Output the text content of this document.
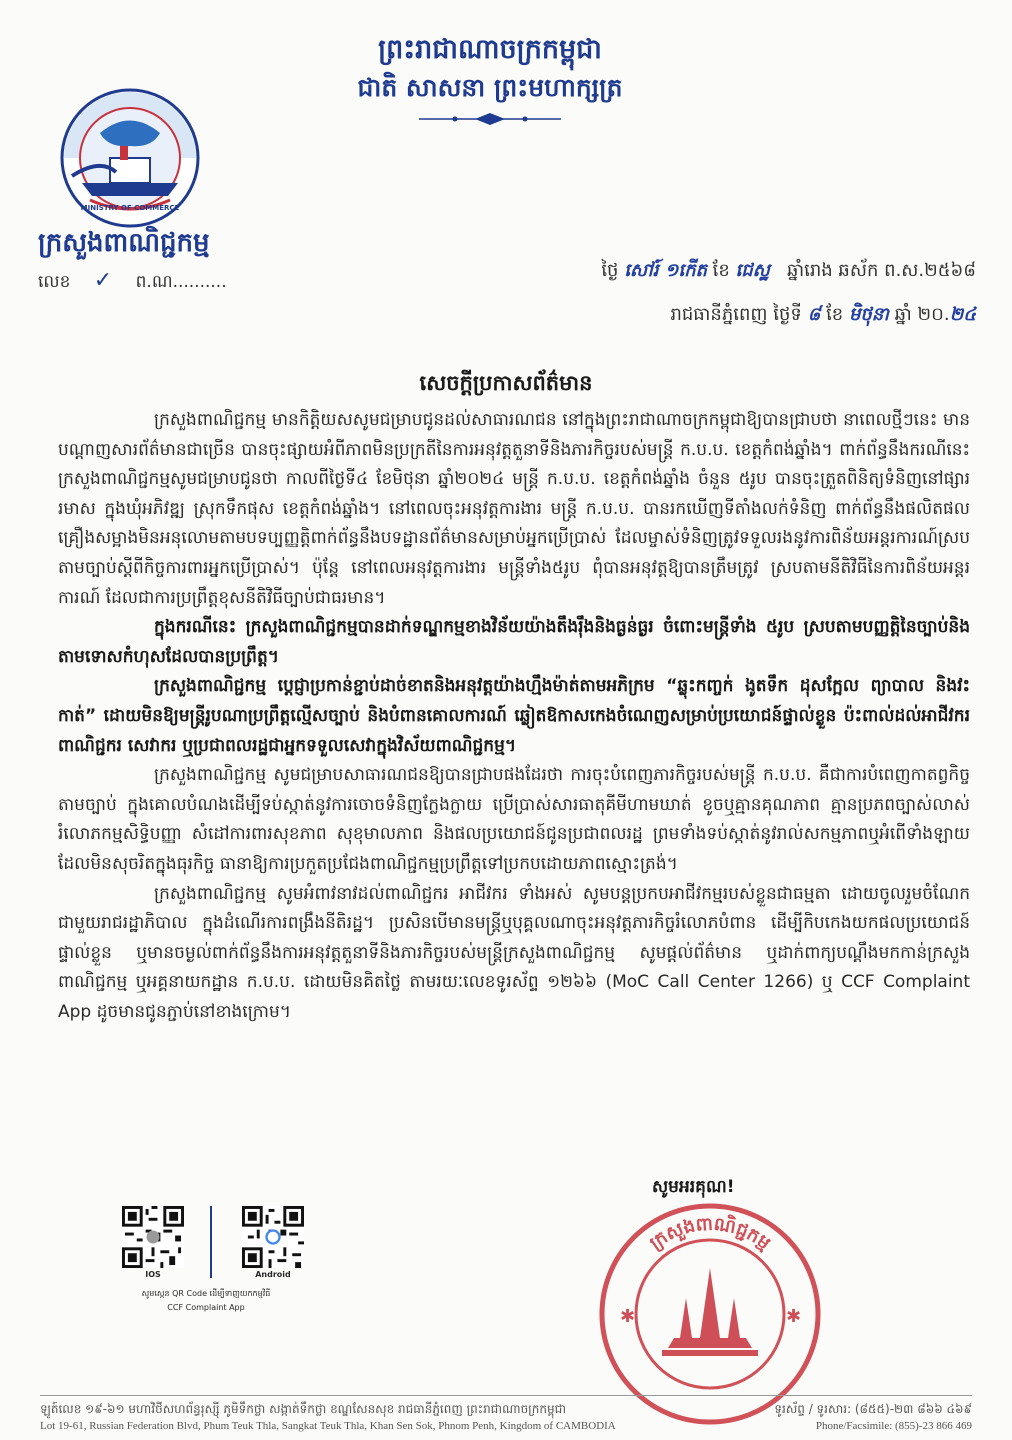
ព្រះរាជាណាចក្រកម្ពុជា
ជាតិ សាសនា ព្រះមហាក្សត្រ
MINISTRY OF COMMERCE
ក្រសួងពាណិជ្ជកម្ម
លេខ ✓ ព.ណ..........
ថ្ងៃ សៅរ៍ ១កើត ខែ ជេស្ឋ ឆ្នាំរោង ឆស័ក ព.ស.២៥៦៨
រាជធានីភ្នំពេញ ថ្ងៃទី ៨ ខែ មិថុនា ឆ្នាំ ២០.២៤
សេចក្តីប្រកាសព័ត៌មាន

ក្រសួងពាណិជ្ជកម្ម មានកិត្តិយសសូមជម្រាបជូនដល់សាធារណជន នៅក្នុងព្រះរាជាណាចក្រកម្ពុជាឱ្យបានជ្រាបថា នាពេលថ្មីៗនេះ មានបណ្តាញសារព័ត៌មានជាច្រើន បានចុះផ្សាយអំពីភាពមិនប្រក្រតីនៃការអនុវត្តតួនាទីនិងភារកិច្ចរបស់មន្ត្រី ក.ប.ប. ខេត្តកំពង់ឆ្នាំង។ ពាក់ព័ន្ធនឹងករណីនេះ ក្រសួងពាណិជ្ជកម្មសូមជម្រាបជូនថា កាលពីថ្ងៃទី៤ ខែមិថុនា ឆ្នាំ២០២៤ មន្ត្រី ក.ប.ប. ខេត្តកំពង់ឆ្នាំង ចំនួន ៥រូប បានចុះត្រួតពិនិត្យទំនិញនៅផ្សាររមាស ក្នុងឃុំអភិវឌ្ឍ ស្រុកទឹកផុស ខេត្តកំពង់ឆ្នាំង។ នៅពេលចុះអនុវត្តការងារ មន្ត្រី ក.ប.ប. បានរកឃើញទីតាំងលក់ទំនិញ ពាក់ព័ន្ធនឹងផលិតផលគ្រឿងសម្អាងមិនអនុលោមតាមបទប្បញ្ញត្តិពាក់ព័ន្ធនឹងបទដ្ឋានព័ត៌មានសម្រាប់អ្នកប្រើប្រាស់ ដែលម្ចាស់ទំនិញត្រូវទទួលរងនូវការពិន័យអន្តរការណ៍ស្របតាមច្បាប់ស្តីពីកិច្ចការពារអ្នកប្រើប្រាស់។ ប៉ុន្តែ នៅពេលអនុវត្តការងារ មន្ត្រីទាំង៥រូប ពុំបានអនុវត្តឱ្យបានត្រឹមត្រូវ ស្របតាមនីតិវិធីនៃការពិន័យអន្តរការណ៍ ដែលជាការប្រព្រឹត្តខុសនីតិវិធីច្បាប់ជាធរមាន។

ក្នុងករណីនេះ ក្រសួងពាណិជ្ជកម្មបានដាក់ទណ្ឌកម្មខាងវិន័យយ៉ាងតឹងរ៉ឹងនិងធ្ងន់ធ្ងរ ចំពោះមន្ត្រីទាំង ៥រូប ស្របតាមបញ្ញត្តិនៃច្បាប់និងតាមទោសកំហុសដែលបានប្រព្រឹត្ត។

ក្រសួងពាណិជ្ជកម្ម ប្តេជ្ញាប្រកាន់ខ្ជាប់ដាច់ខាតនិងអនុវត្តយ៉ាងហ្មឹងម៉ាត់តាមអភិក្រម “ឆ្លុះកញ្ចក់ ងូតទឹក ដុសក្អែល ព្យាបាល និងវះកាត់” ដោយមិនឱ្យមន្ត្រីរូបណាប្រព្រឹត្តល្មើសច្បាប់ និងបំពានគោលការណ៍ ឆ្លៀតឱកាសកេងចំណេញសម្រាប់ប្រយោជន៍ផ្ទាល់ខ្លួន ប៉ះពាល់ដល់អាជីវករ ពាណិជ្ជករ សេវាករ ឬប្រជាពលរដ្ឋជាអ្នកទទួលសេវាក្នុងវិស័យពាណិជ្ជកម្ម។

ក្រសួងពាណិជ្ជកម្ម សូមជម្រាបសាធារណជនឱ្យបានជ្រាបផងដែរថា ការចុះបំពេញភារកិច្ចរបស់មន្ត្រី ក.ប.ប. គឺជាការបំពេញកាតព្វកិច្ចតាមច្បាប់ ក្នុងគោលបំណងដើម្បីទប់ស្កាត់នូវការចោចទំនិញក្លែងក្លាយ ប្រើប្រាស់សារធាតុគីមីហាមឃាត់ ខូចឬគ្មានគុណភាព គ្មានប្រភពច្បាស់លាស់ រំលោភកម្មសិទ្ធិបញ្ញា សំដៅការពារសុខភាព សុខុមាលភាព និងផលប្រយោជន៍ជូនប្រជាពលរដ្ឋ ព្រមទាំងទប់ស្កាត់នូវរាល់សកម្មភាពឬអំពើទាំងឡាយដែលមិនសុចរិតក្នុងធុរកិច្ច ធានាឱ្យការប្រកួតប្រជែងពាណិជ្ជកម្មប្រព្រឹត្តទៅប្រកបដោយភាពស្មោះត្រង់។

ក្រសួងពាណិជ្ជកម្ម សូមអំពាវនាវដល់ពាណិជ្ជករ អាជីវករ ទាំងអស់ សូមបន្តប្រកបអាជីវកម្មរបស់ខ្លួនជាធម្មតា ដោយចូលរួមចំណែកជាមួយរាជរដ្ឋាភិបាល ក្នុងដំណើរការពង្រឹងនីតិរដ្ឋ។ ប្រសិនបើមានមន្ត្រីឬបុគ្គលណាចុះអនុវត្តភារកិច្ចរំលោភបំពាន ដើម្បីកិបកេងយកផលប្រយោជន៍ផ្ទាល់ខ្លួន ឬមានចម្ងល់ពាក់ព័ន្ធនឹងការអនុវត្តតួនាទីនិងភារកិច្ចរបស់មន្ត្រីក្រសួងពាណិជ្ជកម្ម សូមផ្តល់ព័ត៌មាន ឬដាក់ពាក្យបណ្តឹងមកកាន់ក្រសួងពាណិជ្ជកម្ម ឬអគ្គនាយកដ្ឋាន ក.ប.ប. ដោយមិនគិតថ្លៃ តាមរយៈលេខទូរស័ព្ទ ១២៦៦ (MoC Call Center 1266) ឬ CCF Complaint App ដូចមានជូនភ្ជាប់នៅខាងក្រោម។

IOS	Android
សូមស្កេន QR Code ដើម្បីទាញយកកម្មវិធី
CCF Complaint App
សូមអរគុណ!
ក្រសួងពាណិជ្ជកម្ម
✱	✱
ឡូត៍លេខ ១៩-៦១ មហាវិថីសហព័ន្ធរុស្ស៊ី ភូមិទឹកថ្លា សង្កាត់ទឹកថ្លា ខណ្ឌសែនសុខ រាជធានីភ្នំពេញ ព្រះរាជាណាចក្រកម្ពុជា	ទូរស័ព្ទ / ទូរសារ: (៨៥៥)-២៣ ៨៦៦ ៤៦៩
Lot 19-61, Russian Federation Blvd, Phum Teuk Thla, Sangkat Teuk Thla, Khan Sen Sok, Phnom Penh, Kingdom of CAMBODIA	Phone/Facsimile: (855)-23 866 469
